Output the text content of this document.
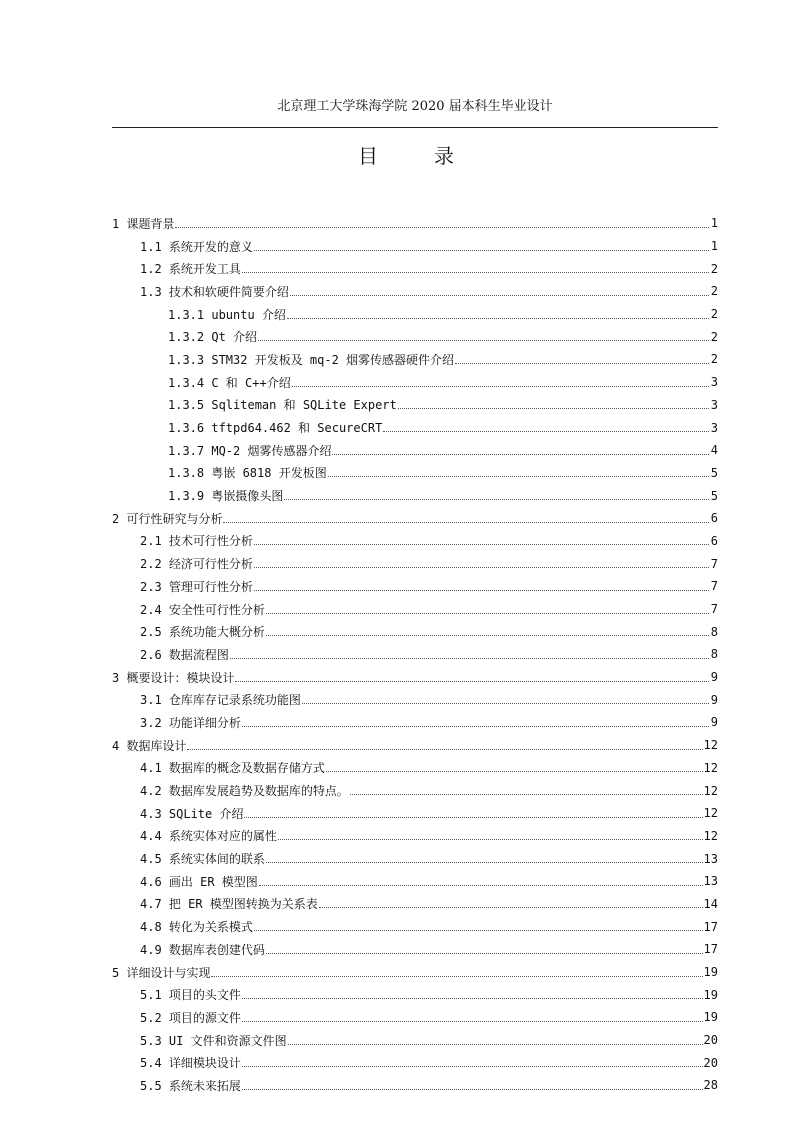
北京理工大学珠海学院 2020 届本科生毕业设计
目　录
1 课题背景	1
1.1 系统开发的意义	1
1.2 系统开发工具	2
1.3 技术和软硬件简要介绍	2
1.3.1 ubuntu 介绍	2
1.3.2 Qt 介绍	2
1.3.3 STM32 开发板及 mq-2 烟雾传感器硬件介绍	2
1.3.4 C 和 C++介绍	3
1.3.5 Sqliteman 和 SQLite Expert	3
1.3.6 tftpd64.462 和 SecureCRT	3
1.3.7 MQ-2 烟雾传感器介绍	4
1.3.8 粤嵌 6818 开发板图	5
1.3.9 粤嵌摄像头图	5
2 可行性研究与分析	6
2.1 技术可行性分析	6
2.2 经济可行性分析	7
2.3 管理可行性分析	7
2.4 安全性可行性分析	7
2.5 系统功能大概分析	8
2.6 数据流程图	8
3 概要设计：模块设计	9
3.1 仓库库存记录系统功能图	9
3.2 功能详细分析	9
4 数据库设计	12
4.1 数据库的概念及数据存储方式	12
4.2 数据库发展趋势及数据库的特点。	12
4.3 SQLite 介绍	12
4.4 系统实体对应的属性	12
4.5 系统实体间的联系	13
4.6 画出 ER 模型图	13
4.7 把 ER 模型图转换为关系表	14
4.8 转化为关系模式	17
4.9 数据库表创建代码	17
5 详细设计与实现	19
5.1 项目的头文件	19
5.2 项目的源文件	19
5.3 UI 文件和资源文件图	20
5.4 详细模块设计	20
5.5 系统未来拓展	28
